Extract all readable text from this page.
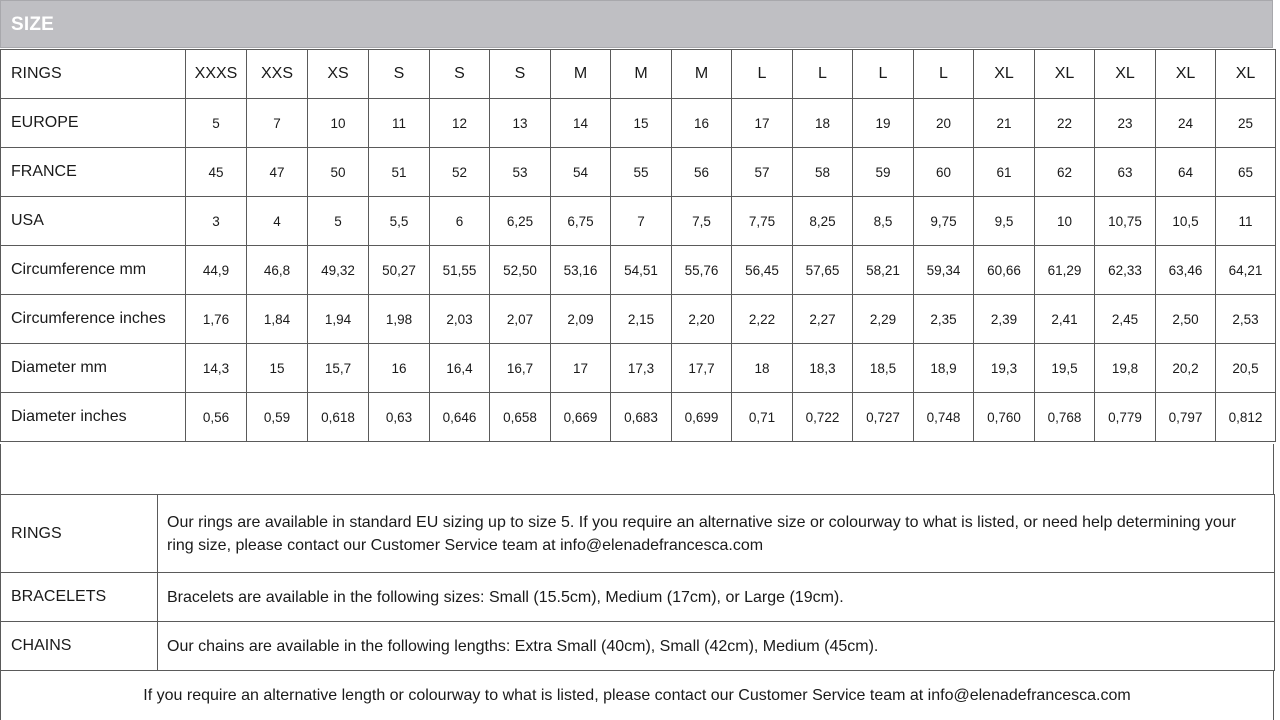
SIZE
RINGS	XXXS	XXS	XS	S	S	S	M	M	M	L	L	L	L	XL	XL	XL	XL	XL
EUROPE	5	7	10	11	12	13	14	15	16	17	18	19	20	21	22	23	24	25
FRANCE	45	47	50	51	52	53	54	55	56	57	58	59	60	61	62	63	64	65
USA	3	4	5	5,5	6	6,25	6,75	7	7,5	7,75	8,25	8,5	9,75	9,5	10	10,75	10,5	11
Circumference mm	44,9	46,8	49,32	50,27	51,55	52,50	53,16	54,51	55,76	56,45	57,65	58,21	59,34	60,66	61,29	62,33	63,46	64,21
Circumference inches	1,76	1,84	1,94	1,98	2,03	2,07	2,09	2,15	2,20	2,22	2,27	2,29	2,35	2,39	2,41	2,45	2,50	2,53
Diameter mm	14,3	15	15,7	16	16,4	16,7	17	17,3	17,7	18	18,3	18,5	18,9	19,3	19,5	19,8	20,2	20,5
Diameter inches	0,56	0,59	0,618	0,63	0,646	0,658	0,669	0,683	0,699	0,71	0,722	0,727	0,748	0,760	0,768	0,779	0,797	0,812
RINGS	Our rings are available in standard EU sizing up to size 5. If you require an alternative size or colourway to what is listed, or need help determining your ring size, please contact our Customer Service team at info@elenadefrancesca.com
BRACELETS	Bracelets are available in the following sizes: Small (15.5cm), Medium (17cm), or Large (19cm).
CHAINS	Our chains are available in the following lengths: Extra Small (40cm), Small (42cm), Medium (45cm).
If you require an alternative length or colourway to what is listed, please contact our Customer Service team at info@elenadefrancesca.com
